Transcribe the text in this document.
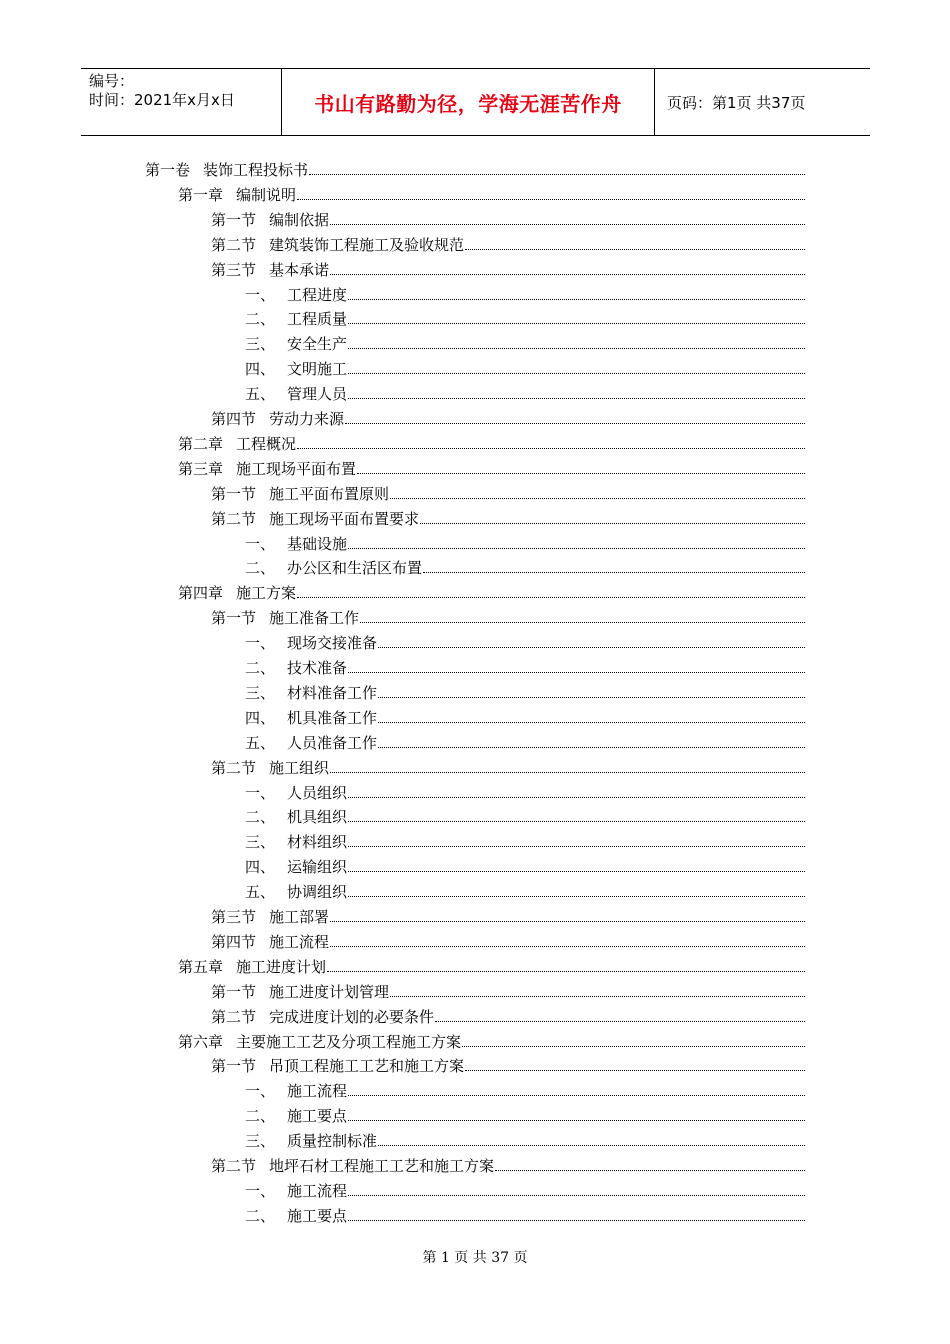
编号：
时间：2021年x月x日	书山有路勤为径，学海无涯苦作舟	页码：第1页 共37页
第一卷 装饰工程投标书
第一章 编制说明
第一节 编制依据
第二节 建筑装饰工程施工及验收规范
第三节 基本承诺
一、 工程进度
二、 工程质量
三、 安全生产
四、 文明施工
五、 管理人员
第四节 劳动力来源
第二章 工程概况
第三章 施工现场平面布置
第一节 施工平面布置原则
第二节 施工现场平面布置要求
一、 基础设施
二、 办公区和生活区布置
第四章 施工方案
第一节 施工准备工作
一、 现场交接准备
二、 技术准备
三、 材料准备工作
四、 机具准备工作
五、 人员准备工作
第二节 施工组织
一、 人员组织
二、 机具组织
三、 材料组织
四、 运输组织
五、 协调组织
第三节 施工部署
第四节 施工流程
第五章 施工进度计划
第一节 施工进度计划管理
第二节 完成进度计划的必要条件
第六章 主要施工工艺及分项工程施工方案
第一节 吊顶工程施工工艺和施工方案
一、 施工流程
二、 施工要点
三、 质量控制标准
第二节 地坪石材工程施工工艺和施工方案
一、 施工流程
二、 施工要点
第 1 页 共 37 页
